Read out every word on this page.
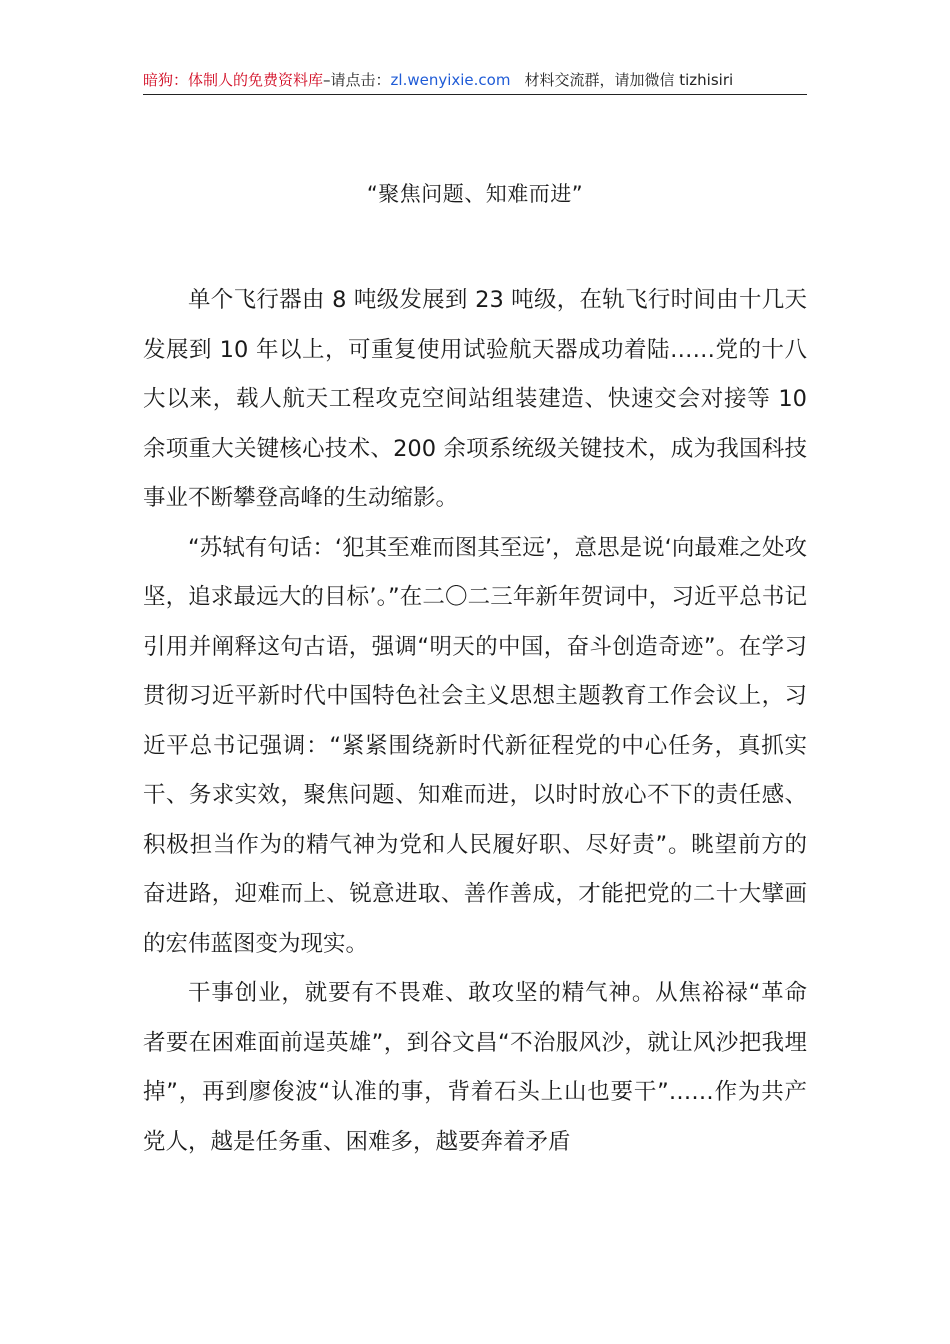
暗狗：体制人的免费资料库–请点击：zl.wenyixie.com 材料交流群，请加微信 tizhisiri
“聚焦问题、知难而进”

单个飞行器由 8 吨级发展到 23 吨级，在轨飞行时间由十几天发展到 10 年以上，可重复使用试验航天器成功着陆……党的十八大以来，载人航天工程攻克空间站组装建造、快速交会对接等 10 余项重大关键核心技术、200 余项系统级关键技术，成为我国科技事业不断攀登高峰的生动缩影。

“苏轼有句话：‘犯其至难而图其至远’，意思是说‘向最难之处攻坚，追求最远大的目标’。”在二〇二三年新年贺词中，习近平总书记引用并阐释这句古语，强调“明天的中国，奋斗创造奇迹”。在学习贯彻习近平新时代中国特色社会主义思想主题教育工作会议上，习近平总书记强调：“紧紧围绕新时代新征程党的中心任务，真抓实干、务求实效，聚焦问题、知难而进，以时时放心不下的责任感、积极担当作为的精气神为党和人民履好职、尽好责”。眺望前方的奋进路，迎难而上、锐意进取、善作善成，才能把党的二十大擘画的宏伟蓝图变为现实。

干事创业，就要有不畏难、敢攻坚的精气神。从焦裕禄“革命者要在困难面前逞英雄”，到谷文昌“不治服风沙，就让风沙把我埋掉”，再到廖俊波“认准的事，背着石头上山也要干”……作为共产党人，越是任务重、困难多，越要奔着矛盾
